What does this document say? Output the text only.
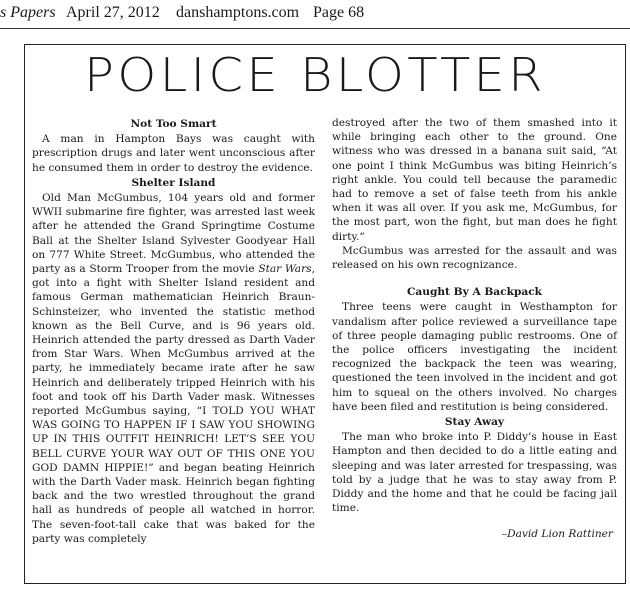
s Papers April 27, 2012 danshamptons.com Page 68
POLICE BLOTTER
Not Too Smart

A man in Hampton Bays was caught with prescription drugs and later went unconscious after he consumed them in order to destroy the evidence.

Shelter Island

Old Man McGumbus, 104 years old and former WWII submarine fire fighter, was arrested last week after he attended the Grand Springtime Costume Ball at the Shelter Island Sylvester Goodyear Hall on 777 White Street. McGumbus, who attended the party as a Storm Trooper from the movie Star Wars, got into a fight with Shelter Island resident and famous German mathematician Heinrich Braun-Schinsteizer, who invented the statistic method known as the Bell Curve, and is 96 years old. Heinrich attended the party dressed as Darth Vader from Star Wars. When McGumbus arrived at the party, he immediately became irate after he saw Heinrich and deliberately tripped Heinrich with his foot and took off his Darth Vader mask. Witnesses reported McGumbus saying, “I TOLD YOU WHAT WAS GOING TO HAPPEN IF I SAW YOU SHOWING UP IN THIS OUTFIT HEINRICH! LET’S SEE YOU BELL CURVE YOUR WAY OUT OF THIS ONE YOU GOD DAMN HIPPIE!” and began beating Heinrich with the Darth Vader mask. Heinrich began fighting back and the two wrestled throughout the grand hall as hundreds of people all watched in horror. The seven-foot-tall cake that was baked for the party was completely

destroyed after the two of them smashed into it while bringing each other to the ground. One witness who was dressed in a banana suit said, “At one point I think McGumbus was biting Heinrich’s right ankle. You could tell because the paramedic had to remove a set of false teeth from his ankle when it was all over. If you ask me, McGumbus, for the most part, won the fight, but man does he fight dirty.”

McGumbus was arrested for the assault and was released on his own recognizance.

Caught By A Backpack

Three teens were caught in Westhampton for vandalism after police reviewed a surveillance tape of three people damaging public restrooms. One of the police officers investigating the incident recognized the backpack the teen was wearing, questioned the teen involved in the incident and got him to squeal on the others involved. No charges have been filed and restitution is being considered.

Stay Away

The man who broke into P. Diddy’s house in East Hampton and then decided to do a little eating and sleeping and was later arrested for trespassing, was told by a judge that he was to stay away from P. Diddy and the home and that he could be facing jail time.

–David Lion Rattiner
